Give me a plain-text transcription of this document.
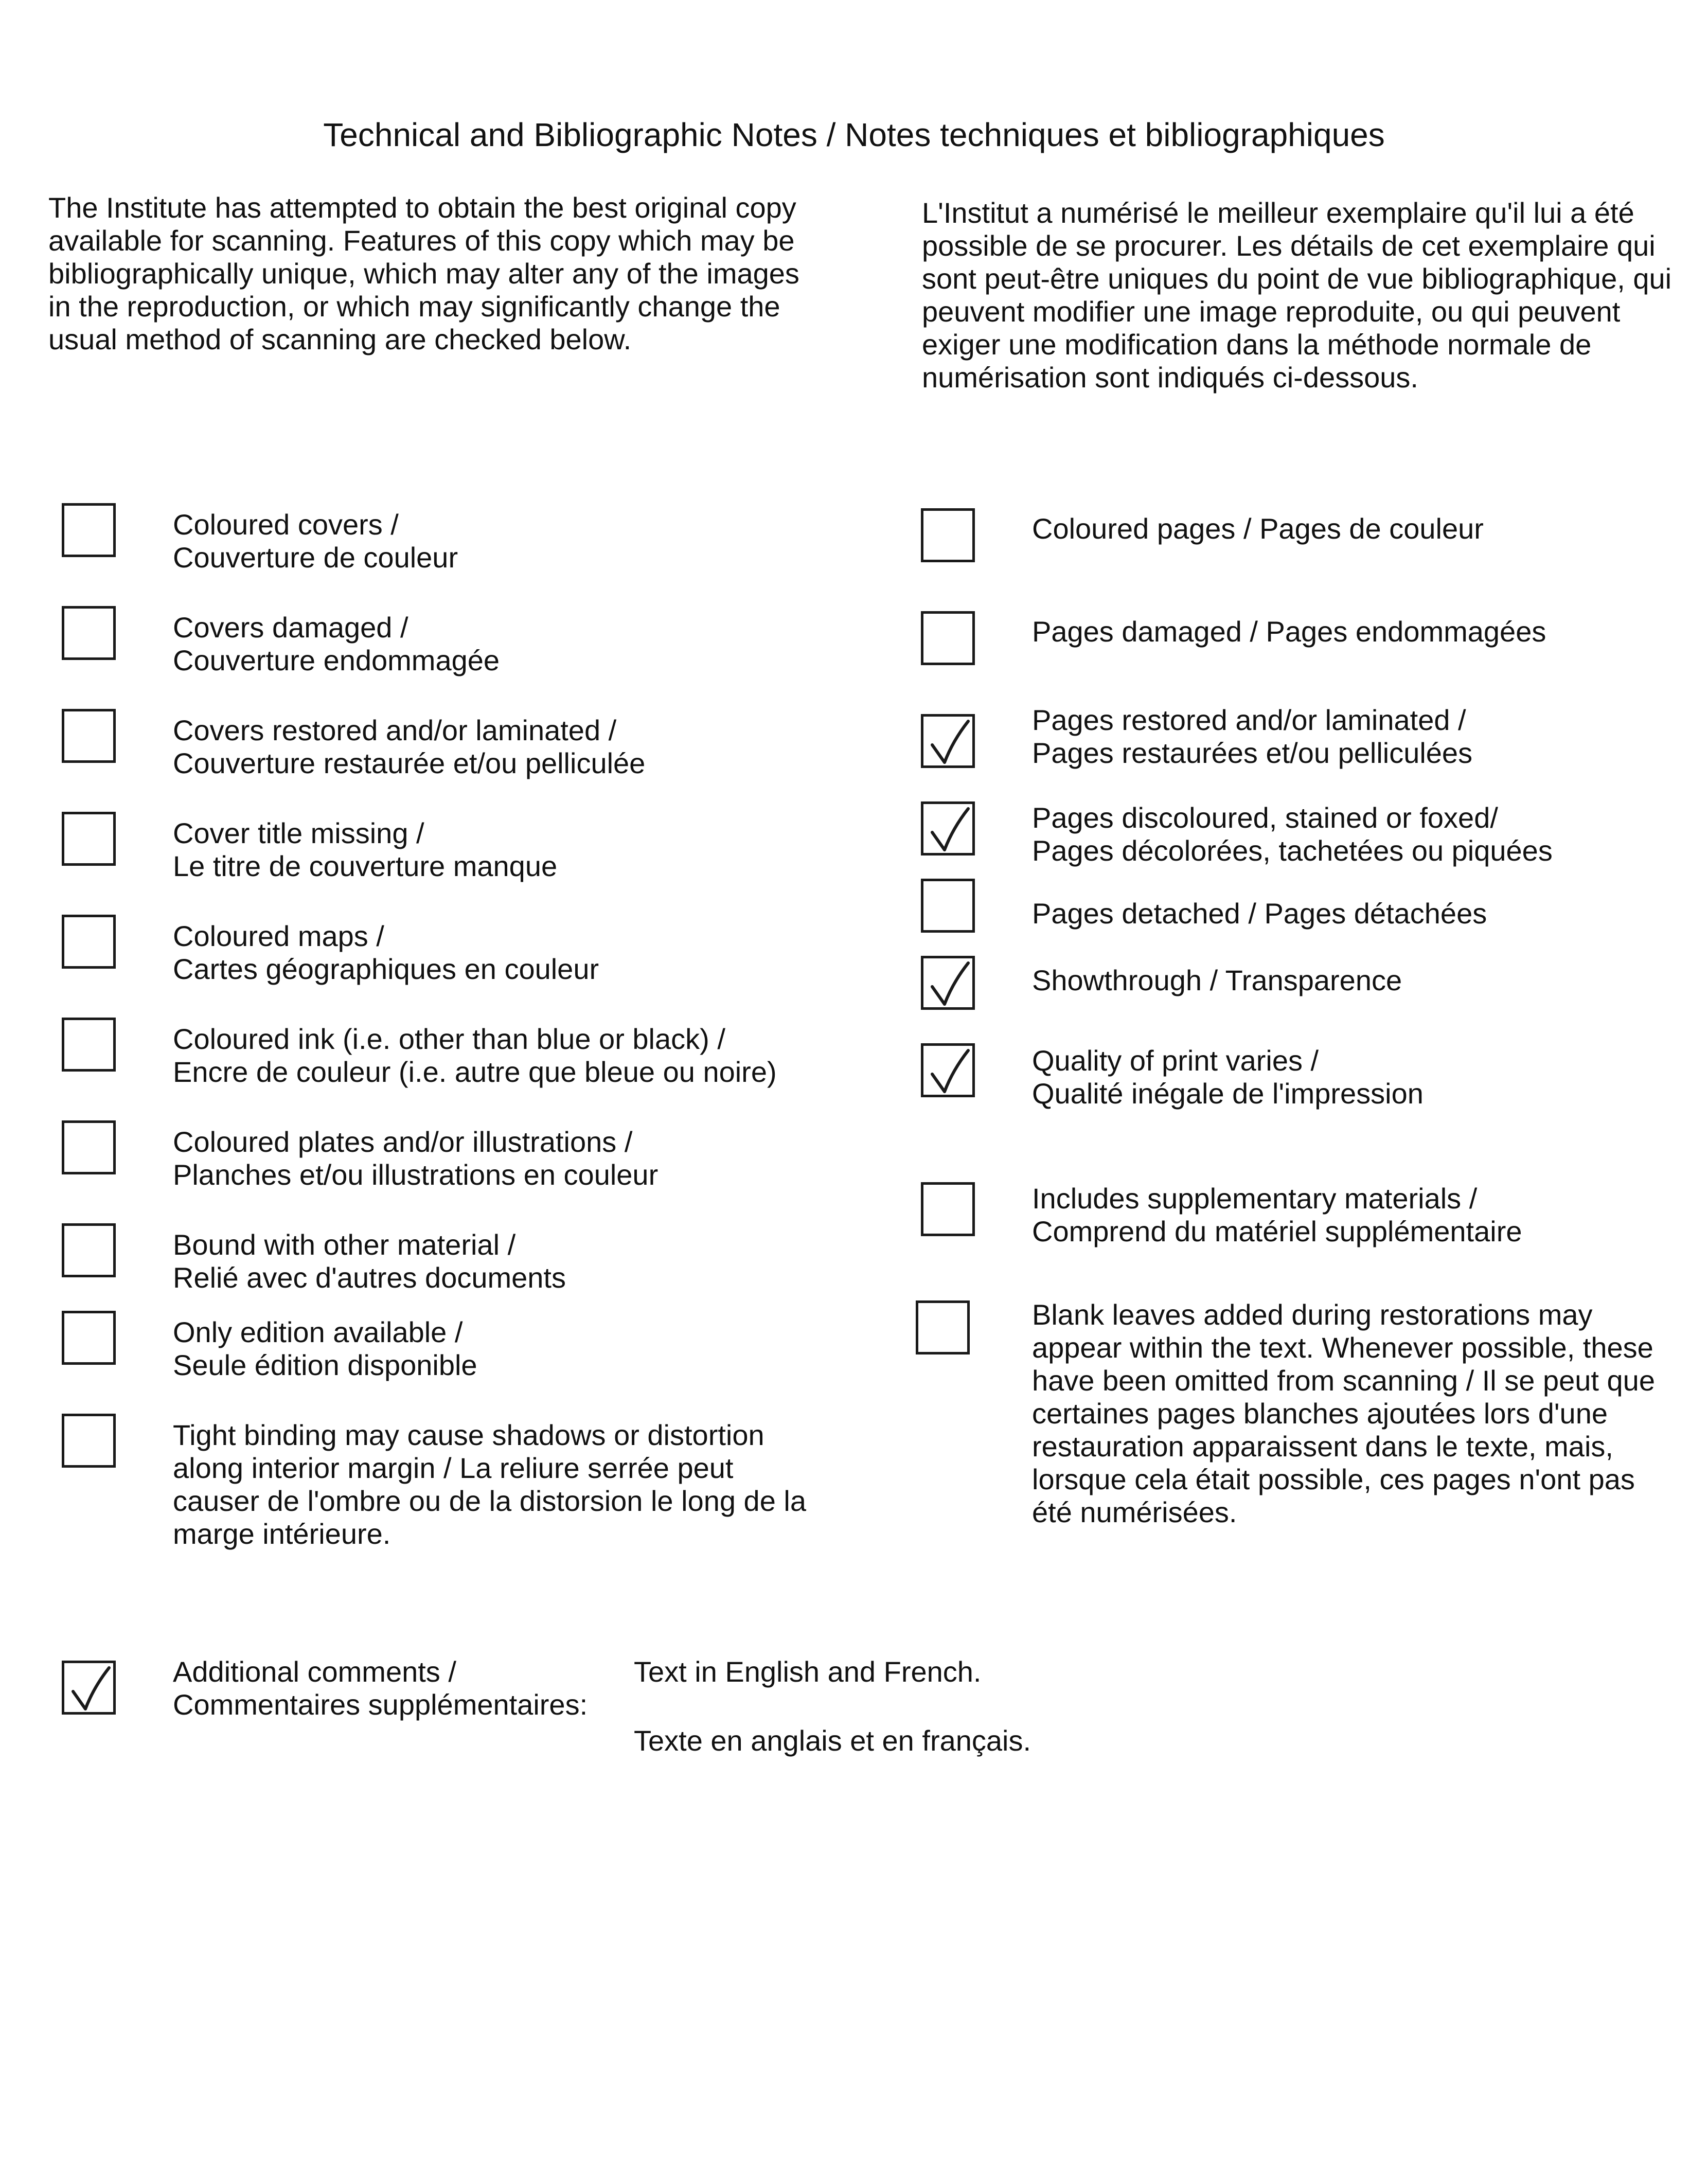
Technical and Bibliographic Notes / Notes techniques et bibliographiques
The Institute has attempted to obtain the best original copy
available for scanning. Features of this copy which may be
bibliographically unique, which may alter any of the images
in the reproduction, or which may significantly change the
usual method of scanning are checked below.
L'Institut a numérisé le meilleur exemplaire qu'il lui a été
possible de se procurer. Les détails de cet exemplaire qui
sont peut-être uniques du point de vue bibliographique, qui
peuvent modifier une image reproduite, ou qui peuvent
exiger une modification dans la méthode normale de
numérisation sont indiqués ci-dessous.
Coloured covers /
Couverture de couleur
Covers damaged /
Couverture endommagée
Covers restored and/or laminated /
Couverture restaurée et/ou pelliculée
Cover title missing /
Le titre de couverture manque
Coloured maps /
Cartes géographiques en couleur
Coloured ink (i.e. other than blue or black) /
Encre de couleur (i.e. autre que bleue ou noire)
Coloured plates and/or illustrations /
Planches et/ou illustrations en couleur
Bound with other material /
Relié avec d'autres documents
Only edition available /
Seule édition disponible
Tight binding may cause shadows or distortion
along interior margin / La reliure serrée peut
causer de l'ombre ou de la distorsion le long de la
marge intérieure.
Coloured pages / Pages de couleur
Pages damaged / Pages endommagées
Pages restored and/or laminated /
Pages restaurées et/ou pelliculées
Pages discoloured, stained or foxed/
Pages décolorées, tachetées ou piquées
Pages detached / Pages détachées
Showthrough / Transparence
Quality of print varies /
Qualité inégale de l'impression
Includes supplementary materials /
Comprend du matériel supplémentaire
Blank leaves added during restorations may
appear within the text. Whenever possible, these
have been omitted from scanning / Il se peut que
certaines pages blanches ajoutées lors d'une
restauration apparaissent dans le texte, mais,
lorsque cela était possible, ces pages n'ont pas
été numérisées.
Additional comments /
Commentaires supplémentaires:
Text in English and French.
Texte en anglais et en français.
